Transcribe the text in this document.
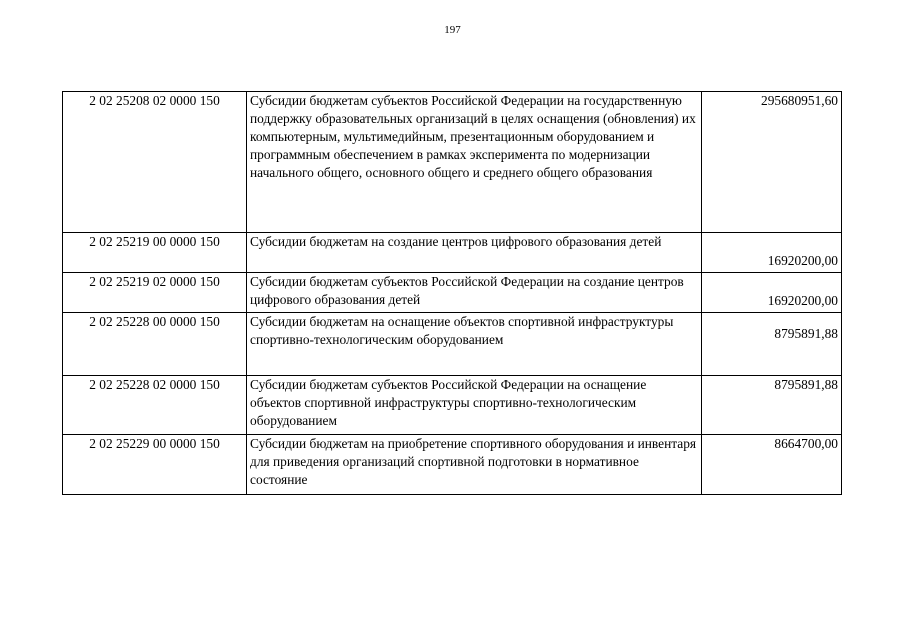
197
2 02 25208 02 0000 150	Субсидии бюджетам субъектов Российской Федерации на государственную поддержку образовательных организаций в целях оснащения (обновления) их компьютерным, мультимедийным, презентационным оборудованием и программным обеспечением в рамках эксперимента по модернизации начального общего, основного общего и среднего общего образования	295680951,60
2 02 25219 00 0000 150	Субсидии бюджетам на создание центров цифрового образования детей	16920200,00
2 02 25219 02 0000 150	Субсидии бюджетам субъектов Российской Федерации на создание центров цифрового образования детей	16920200,00
2 02 25228 00 0000 150	Субсидии бюджетам на оснащение объектов спортивной инфраструктуры спортивно-технологическим оборудованием	8795891,88
2 02 25228 02 0000 150	Субсидии бюджетам субъектов Российской Федерации на оснащение объектов спортивной инфраструктуры спортивно-технологическим оборудованием	8795891,88
2 02 25229 00 0000 150	Субсидии бюджетам на приобретение спортивного оборудования и инвентаря для приведения организаций спортивной подготовки в нормативное состояние	8664700,00
